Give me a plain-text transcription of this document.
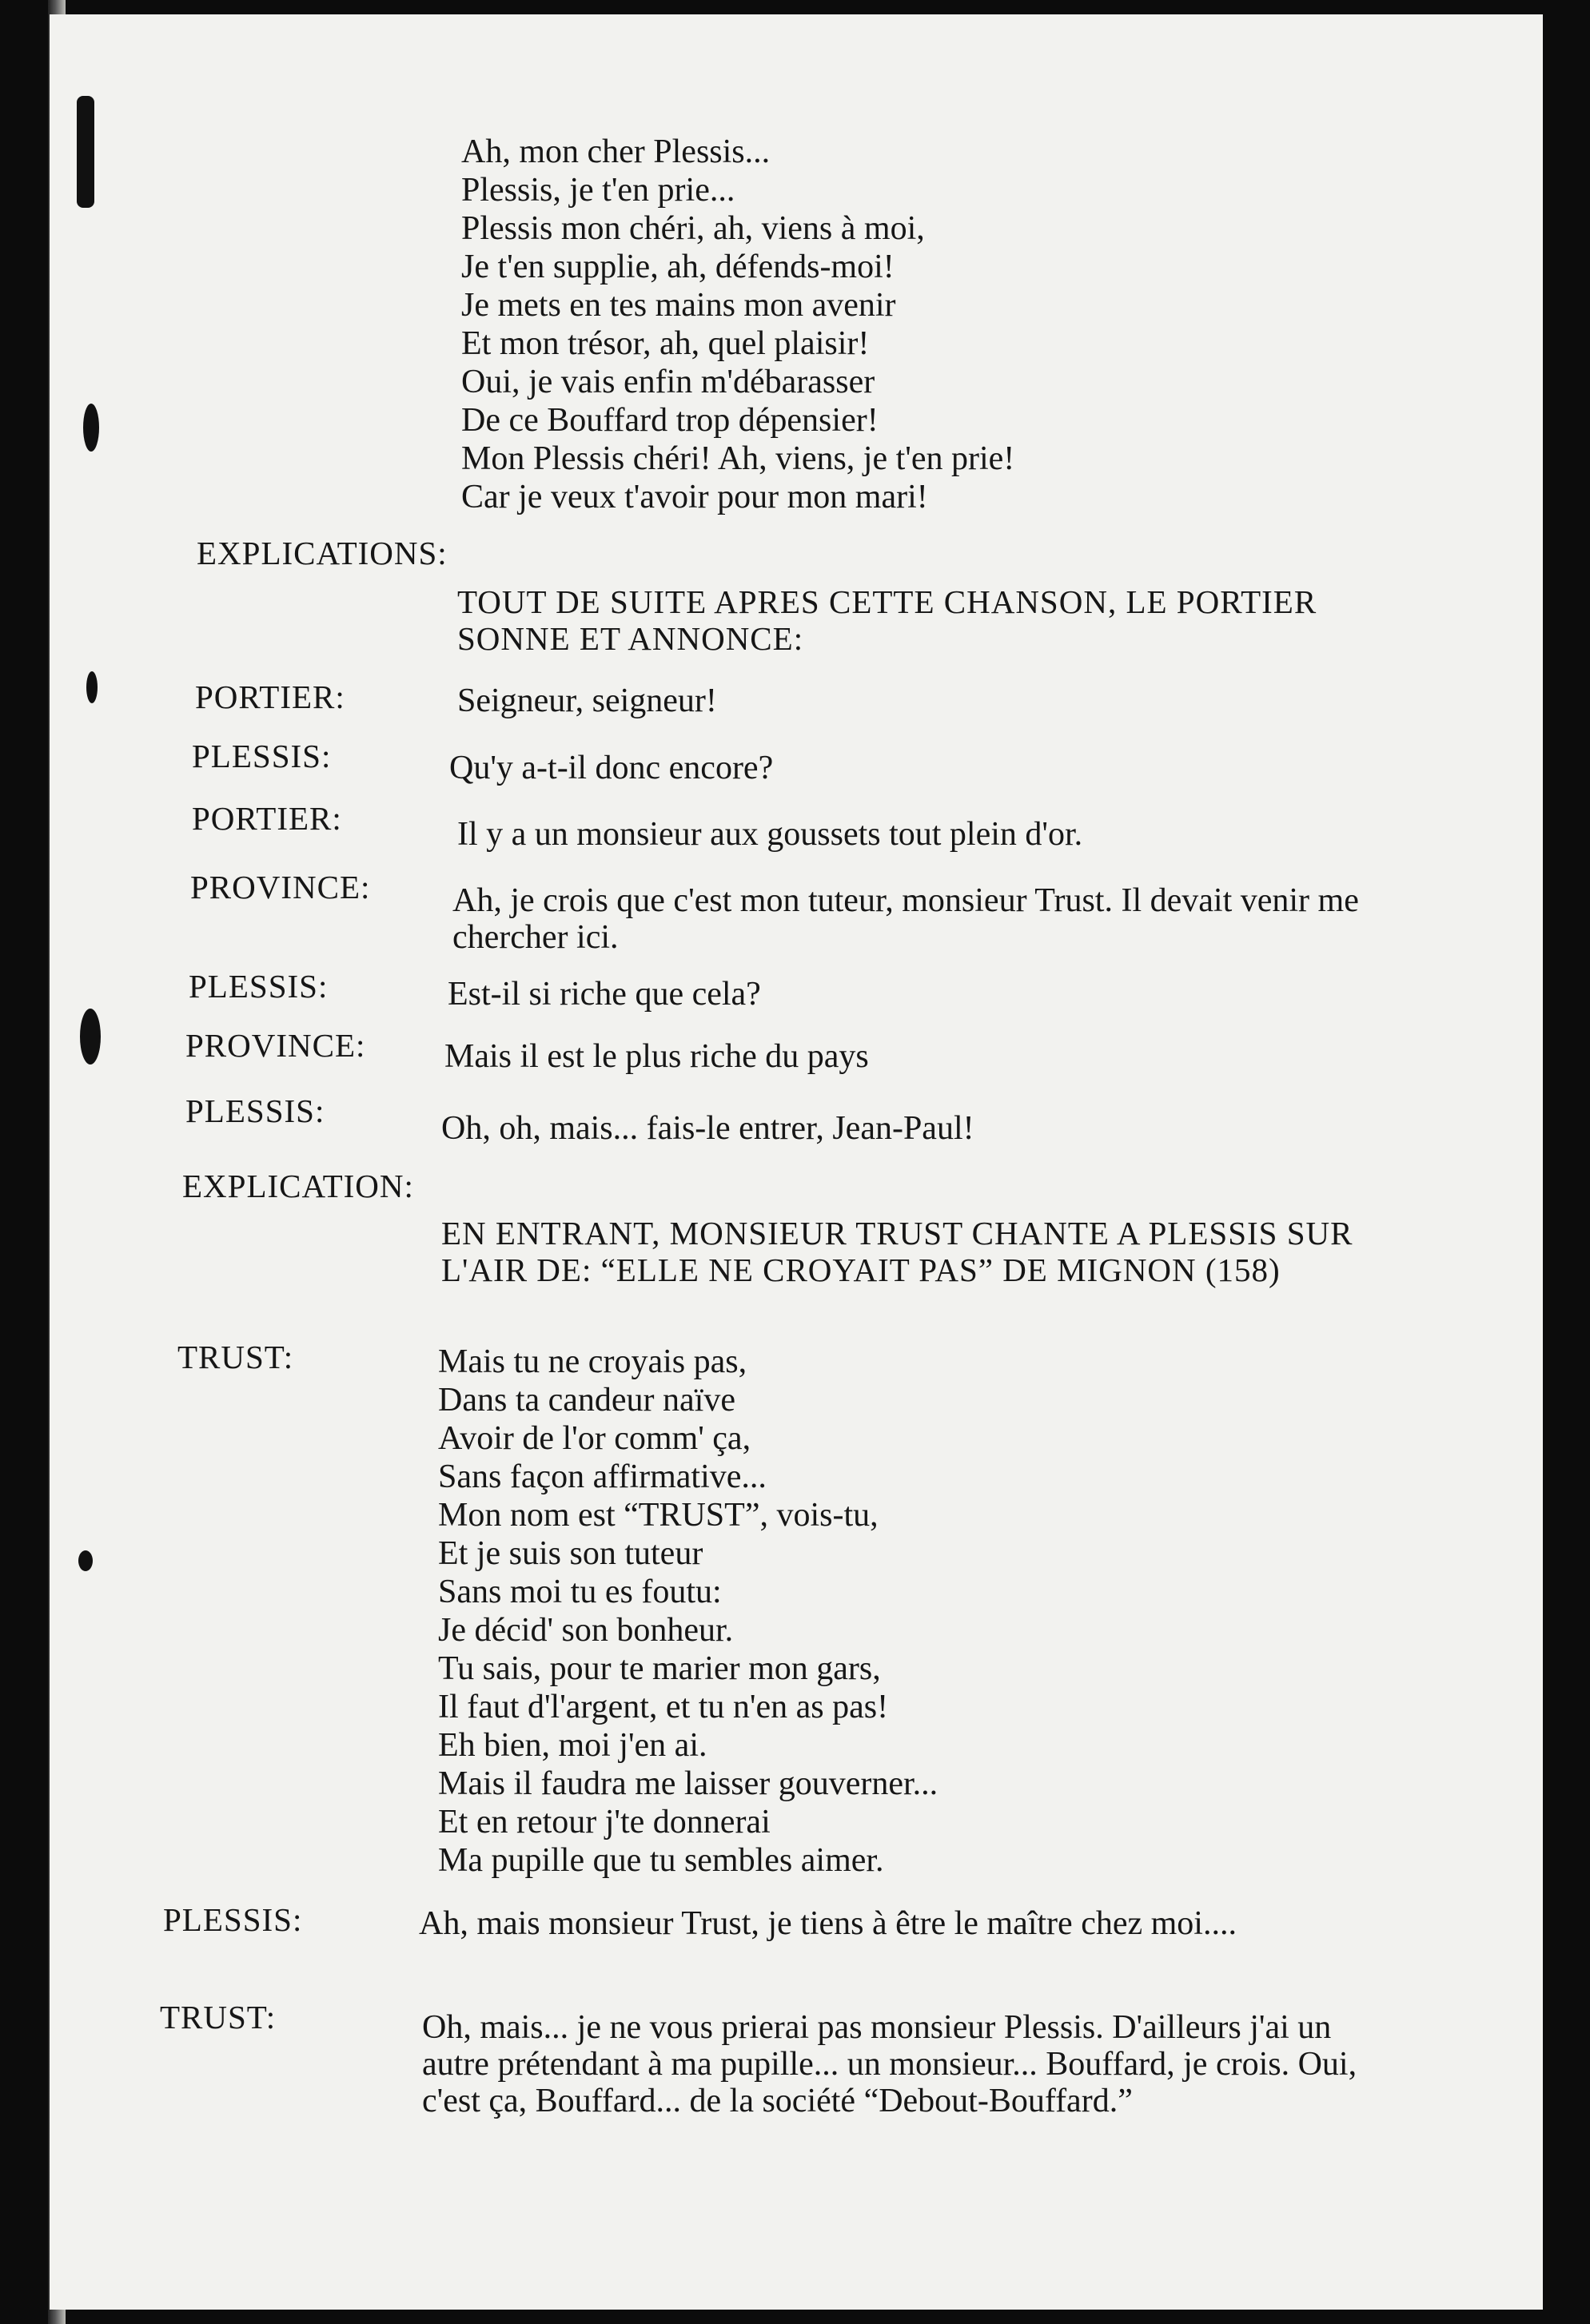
Ah, mon cher Plessis...
Plessis, je t'en prie...
Plessis mon chéri, ah, viens à moi,
Je t'en supplie, ah, défends-moi!
Je mets en tes mains mon avenir
Et mon trésor, ah, quel plaisir!
Oui, je vais enfin m'débarasser
De ce Bouffard trop dépensier!
Mon Plessis chéri! Ah, viens, je t'en prie!
Car je veux t'avoir pour mon mari!

EXPLICATIONS:

TOUT DE SUITE APRES CETTE CHANSON, LE PORTIER SONNE ET ANNONCE:

PORTIER:	Seigneur, seigneur!

PLESSIS:	Qu'y a-t-il donc encore?

PORTIER:	Il y a un monsieur aux goussets tout plein d'or.

PROVINCE: Ah, je crois que c'est mon tuteur, monsieur Trust. Il devait venir me chercher ici.

PLESSIS:	Est-il si riche que cela?

PROVINCE: Mais il est le plus riche du pays

PLESSIS:	Oh, oh, mais... fais-le entrer, Jean-Paul!

EXPLICATION:

EN ENTRANT, MONSIEUR TRUST CHANTE A PLESSIS SUR L'AIR DE: “ELLE NE CROYAIT PAS” DE MIGNON (158)

TRUST:	Mais tu ne croyais pas,
Dans ta candeur naïve
Avoir de l'or comm' ça,
Sans façon affirmative...
Mon nom est “TRUST”, vois-tu,
Et je suis son tuteur
Sans moi tu es foutu:
Je décid' son bonheur.
Tu sais, pour te marier mon gars,
Il faut d'l'argent, et tu n'en as pas!
Eh bien, moi j'en ai.
Mais il faudra me laisser gouverner...
Et en retour j'te donnerai
Ma pupille que tu sembles aimer.

PLESSIS:	Ah, mais monsieur Trust, je tiens à être le maître chez moi....

TRUST:	Oh, mais... je ne vous prierai pas monsieur Plessis. D'ailleurs j'ai un autre prétendant à ma pupille... un monsieur... Bouffard, je crois. Oui, c'est ça, Bouffard... de la société “Debout-Bouffard.”
